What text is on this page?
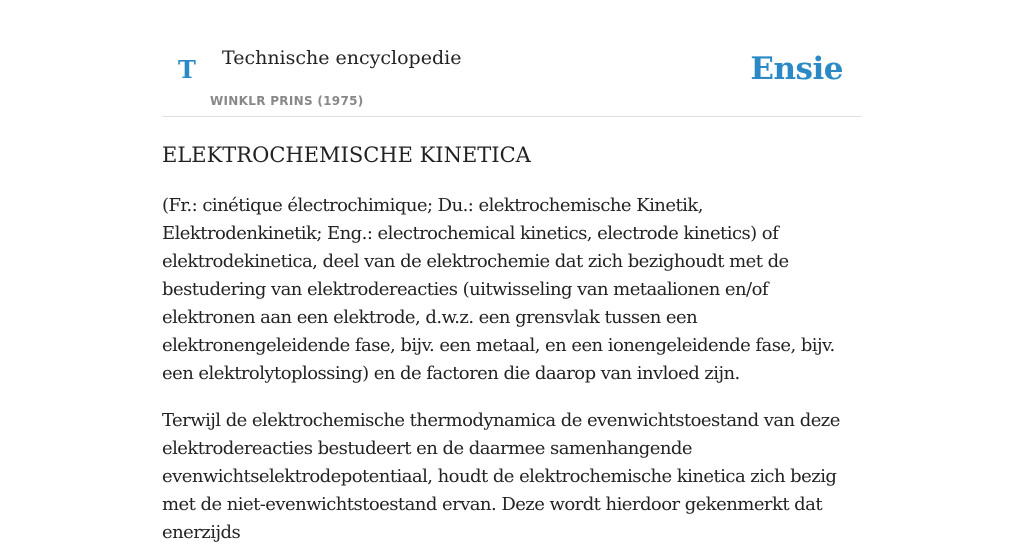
T Technische encyclopedie
WINKLR PRINS (1975)
Ensie
ELEKTROCHEMISCHE KINETICA

(Fr.: cinétique électrochimique; Du.: elektrochemische Kinetik, Elektrodenkinetik; Eng.: electrochemical kinetics, electrode kinetics) of elektrodekinetica, deel van de elektrochemie dat zich bezighoudt met de bestudering van elektrodereacties (uitwisseling van metaalionen en/of elektronen aan een elektrode, d.w.z. een grensvlak tussen een elektronengeleidende fase, bijv. een metaal, en een ionengeleidende fase, bijv. een elektrolytoplossing) en de factoren die daarop van invloed zijn.

Terwijl de elektrochemische thermodynamica de evenwichtstoestand van deze elektrodereacties bestudeert en de daarmee samenhangende evenwichtselektrodepotentiaal, houdt de elektrochemische kinetica zich bezig met de niet-evenwichtstoestand ervan. Deze wordt hierdoor gekenmerkt dat enerzijds
